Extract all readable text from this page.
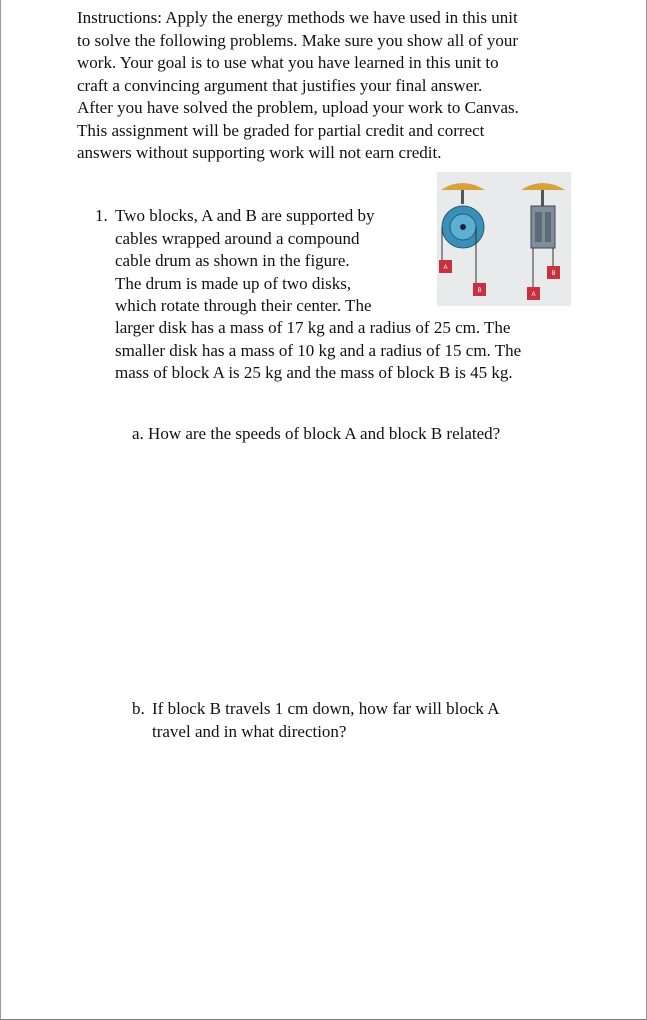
Instructions: Apply the energy methods we have used in this unit
to solve the following problems. Make sure you show all of your
work. Your goal is to use what you have learned in this unit to
craft a convincing argument that justifies your final answer.
After you have solved the problem, upload your work to Canvas.
This assignment will be graded for partial credit and correct
answers without supporting work will not earn credit.
1. Two blocks, A and B are supported by
cables wrapped around a compound
cable drum as shown in the figure.
The drum is made up of two disks,
which rotate through their center. The
larger disk has a mass of 17 kg and a radius of 25 cm. The
smaller disk has a mass of 10 kg and a radius of 15 cm. The
mass of block A is 25 kg and the mass of block B is 45 kg.
A
B
A
B
a. How are the speeds of block A and block B related?
b. If block B travels 1 cm down, how far will block A
travel and in what direction?
